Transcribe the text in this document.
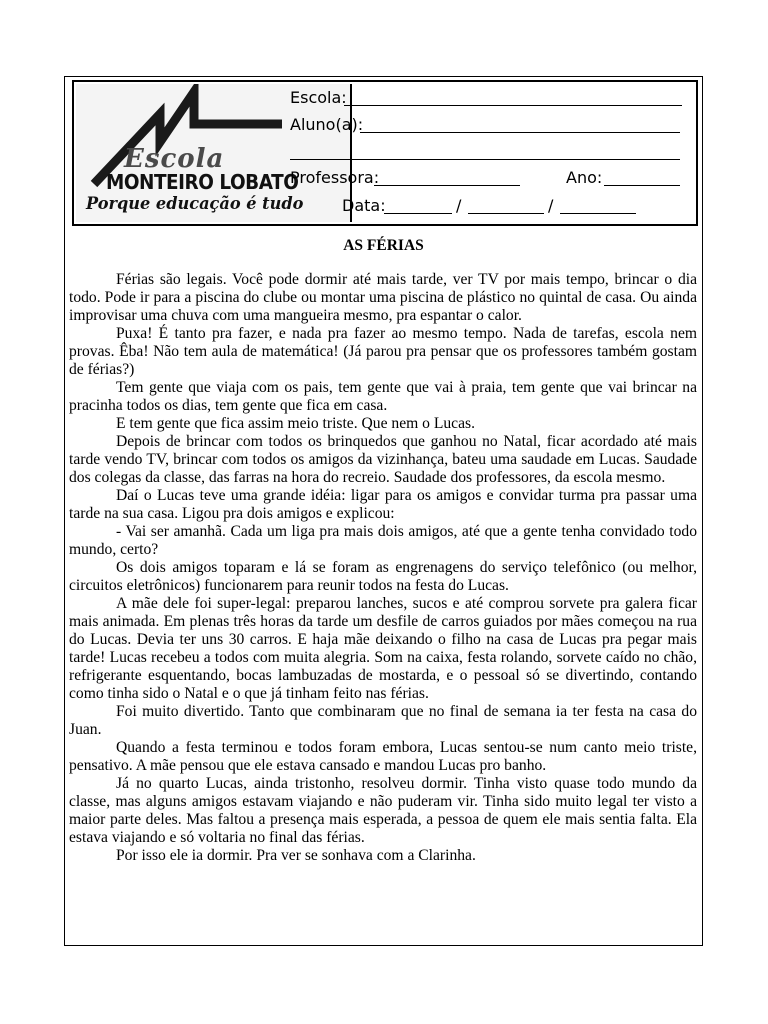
Escola
MONTEIRO LOBATO
Porque educação é tudo
Escola:
Aluno(a):
Professora:	Ano:
Data:	/	/
AS FÉRIAS

Férias são legais. Você pode dormir até mais tarde, ver TV por mais tempo, brincar o dia todo. Pode ir para a piscina do clube ou montar uma piscina de plástico no quintal de casa. Ou ainda improvisar uma chuva com uma mangueira mesmo, pra espantar o calor.

Puxa! É tanto pra fazer, e nada pra fazer ao mesmo tempo. Nada de tarefas, escola nem provas. Êba! Não tem aula de matemática! (Já parou pra pensar que os professores também gostam de férias?)

Tem gente que viaja com os pais, tem gente que vai à praia, tem gente que vai brincar na pracinha todos os dias, tem gente que fica em casa.

E tem gente que fica assim meio triste. Que nem o Lucas.

Depois de brincar com todos os brinquedos que ganhou no Natal, ficar acordado até mais tarde vendo TV, brincar com todos os amigos da vizinhança, bateu uma saudade em Lucas. Saudade dos colegas da classe, das farras na hora do recreio. Saudade dos professores, da escola mesmo.

Daí o Lucas teve uma grande idéia: ligar para os amigos e convidar turma pra passar uma tarde na sua casa. Ligou pra dois amigos e explicou:

- Vai ser amanhã. Cada um liga pra mais dois amigos, até que a gente tenha convidado todo mundo, certo?

Os dois amigos toparam e lá se foram as engrenagens do serviço telefônico (ou melhor, circuitos eletrônicos) funcionarem para reunir todos na festa do Lucas.

A mãe dele foi super-legal: preparou lanches, sucos e até comprou sorvete pra galera ficar mais animada. Em plenas três horas da tarde um desfile de carros guiados por mães começou na rua do Lucas. Devia ter uns 30 carros. E haja mãe deixando o filho na casa de Lucas pra pegar mais tarde! Lucas recebeu a todos com muita alegria. Som na caixa, festa rolando, sorvete caído no chão, refrigerante esquentando, bocas lambuzadas de mostarda, e o pessoal só se divertindo, contando como tinha sido o Natal e o que já tinham feito nas férias.

Foi muito divertido. Tanto que combinaram que no final de semana ia ter festa na casa do Juan.

Quando a festa terminou e todos foram embora, Lucas sentou-se num canto meio triste, pensativo. A mãe pensou que ele estava cansado e mandou Lucas pro banho.

Já no quarto Lucas, ainda tristonho, resolveu dormir. Tinha visto quase todo mundo da classe, mas alguns amigos estavam viajando e não puderam vir. Tinha sido muito legal ter visto a maior parte deles. Mas faltou a presença mais esperada, a pessoa de quem ele mais sentia falta. Ela estava viajando e só voltaria no final das férias.

Por isso ele ia dormir. Pra ver se sonhava com a Clarinha.
